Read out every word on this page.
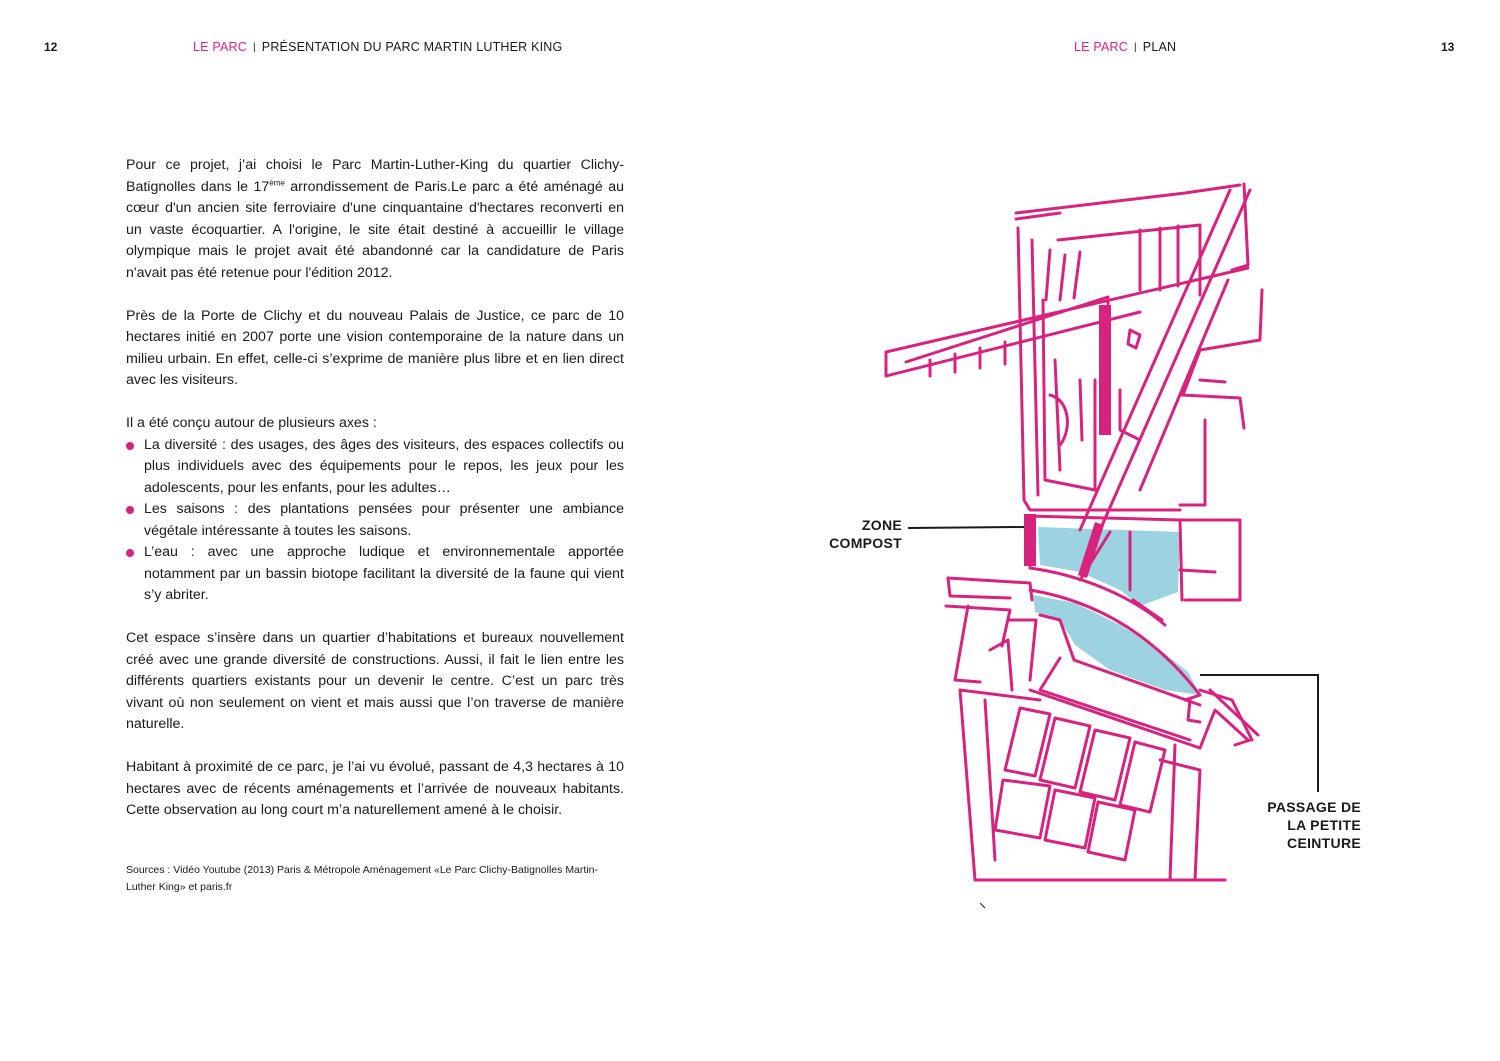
12	LE PARC | PRÉSENTATION DU PARC MARTIN LUTHER KING

Pour ce projet, j’ai choisi le Parc Martin-Luther-King du quartier Clichy-Batignolles dans le 17ème arrondissement de Paris.Le parc a été aménagé au cœur d'un ancien site ferroviaire d'une cinquantaine d'hectares reconverti en un vaste écoquartier. A l'origine, le site était destiné à accueillir le village olympique mais le projet avait été abandonné car la candidature de Paris n'avait pas été retenue pour l'édition 2012.

Près de la Porte de Clichy et du nouveau Palais de Justice, ce parc de 10 hectares initié en 2007 porte une vision contemporaine de la nature dans un milieu urbain. En effet, celle-ci s’exprime de manière plus libre et en lien direct avec les visiteurs.

Il a été conçu autour de plusieurs axes :

La diversité : des usages, des âges des visiteurs, des espaces collectifs ou plus individuels avec des équipements pour le repos, les jeux pour les adolescents, pour les enfants, pour les adultes…
Les saisons : des plantations pensées pour présenter une ambiance végétale intéressante à toutes les saisons.
L’eau : avec une approche ludique et environnementale apportée notamment par un bassin biotope facilitant la diversité de la faune qui vient s’y abriter.

Cet espace s’insère dans un quartier d’habitations et bureaux nouvellement créé avec une grande diversité de constructions. Aussi, il fait le lien entre les différents quartiers existants pour un devenir le centre. C’est un parc très vivant où non seulement on vient et mais aussi que l’on traverse de manière naturelle.

Habitant à proximité de ce parc, je l’ai vu évolué, passant de 4,3 hectares à 10 hectares avec de récents aménagements et l’arrivée de nouveaux habitants. Cette observation au long court m’a naturellement amené à le choisir.

Sources : Vidéo Youtube (2013) Paris & Métropole Aménagement «Le Parc Clichy-Batignolles Martin-Luther King» et paris.fr
LE PARC | PLAN	13
ZONE
COMPOST
PASSAGE DE
LA PETITE
CEINTURE
